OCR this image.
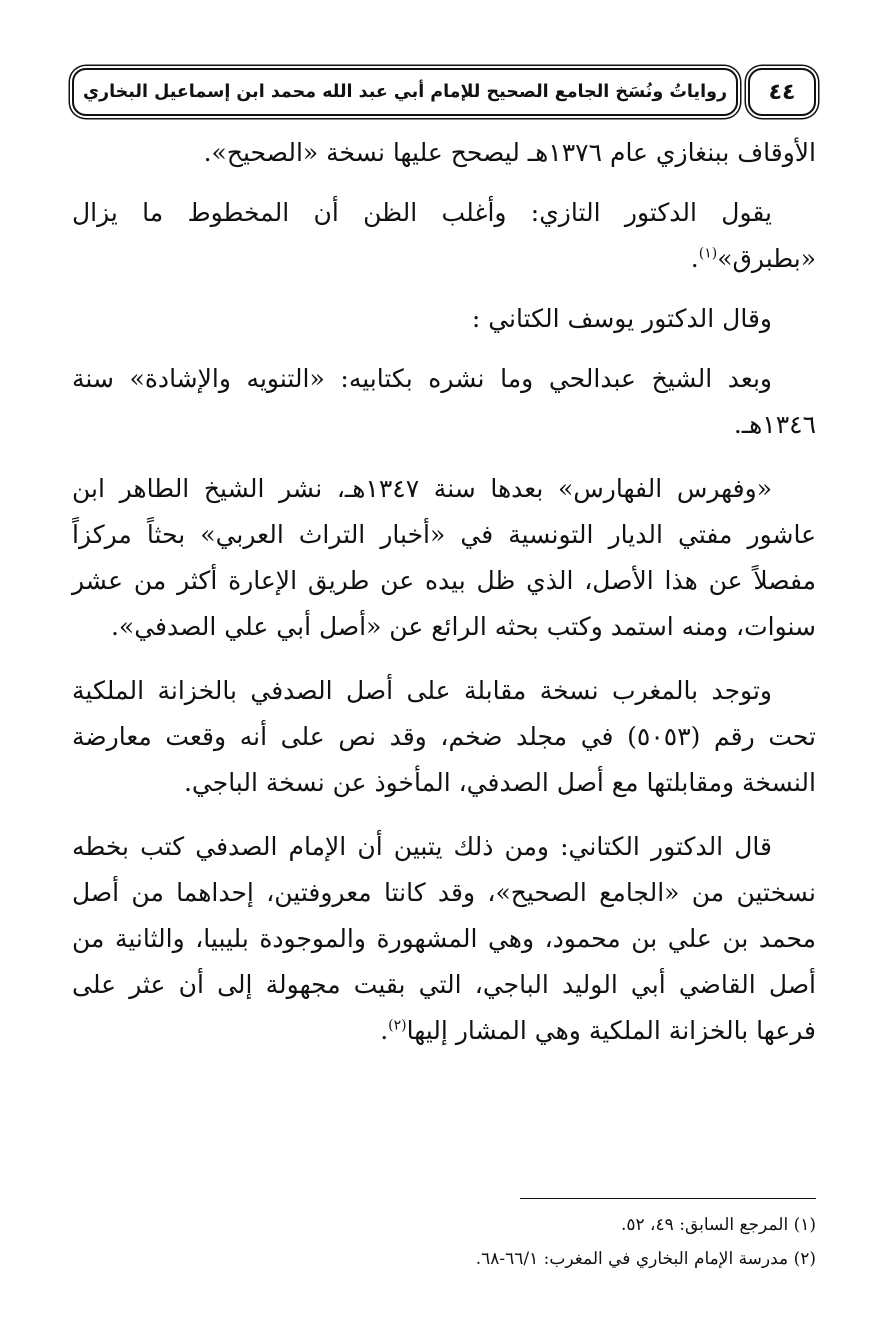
٤٤
رواياتُ ونُسَخ الجامع الصحيح للإمام أبي عبد الله محمد ابن إسماعيل البخاري

الأوقاف ببنغازي عام ١٣٧٦هـ ليصحح عليها نسخة «الصحيح».

يقول الدكتور التازي: وأغلب الظن أن المخطوط ما يزال «بطبرق»$^{(١)}$.

وقال الدكتور يوسف الكتاني :

وبعد الشيخ عبدالحي وما نشره بكتابيه: «التنويه والإشادة» سنة ١٣٤٦هـ.

«وفهرس الفهارس» بعدها سنة ١٣٤٧هـ، نشر الشيخ الطاهر ابن عاشور مفتي الديار التونسية في «أخبار التراث العربي» بحثاً مركزاً مفصلاً عن هذا الأصل، الذي ظل بيده عن طريق الإعارة أكثر من عشر سنوات، ومنه استمد وكتب بحثه الرائع عن «أصل أبي علي الصدفي».

وتوجد بالمغرب نسخة مقابلة على أصل الصدفي بالخزانة الملكية تحت رقم (٥٠٥٣) في مجلد ضخم، وقد نص على أنه وقعت معارضة النسخة ومقابلتها مع أصل الصدفي، المأخوذ عن نسخة الباجي.

قال الدكتور الكتاني: ومن ذلك يتبين أن الإمام الصدفي كتب بخطه نسختين من «الجامع الصحيح»، وقد كانتا معروفتين، إحداهما من أصل محمد بن علي بن محمود، وهي المشهورة والموجودة بليبيا، والثانية من أصل القاضي أبي الوليد الباجي، التي بقيت مجهولة إلى أن عثر على فرعها بالخزانة الملكية وهي المشار إليها$^{(٢)}$.

(١) المرجع السابق: ٤٩، ٥٢.

(٢) مدرسة الإمام البخاري في المغرب: ٦٦/١-٦٨.
